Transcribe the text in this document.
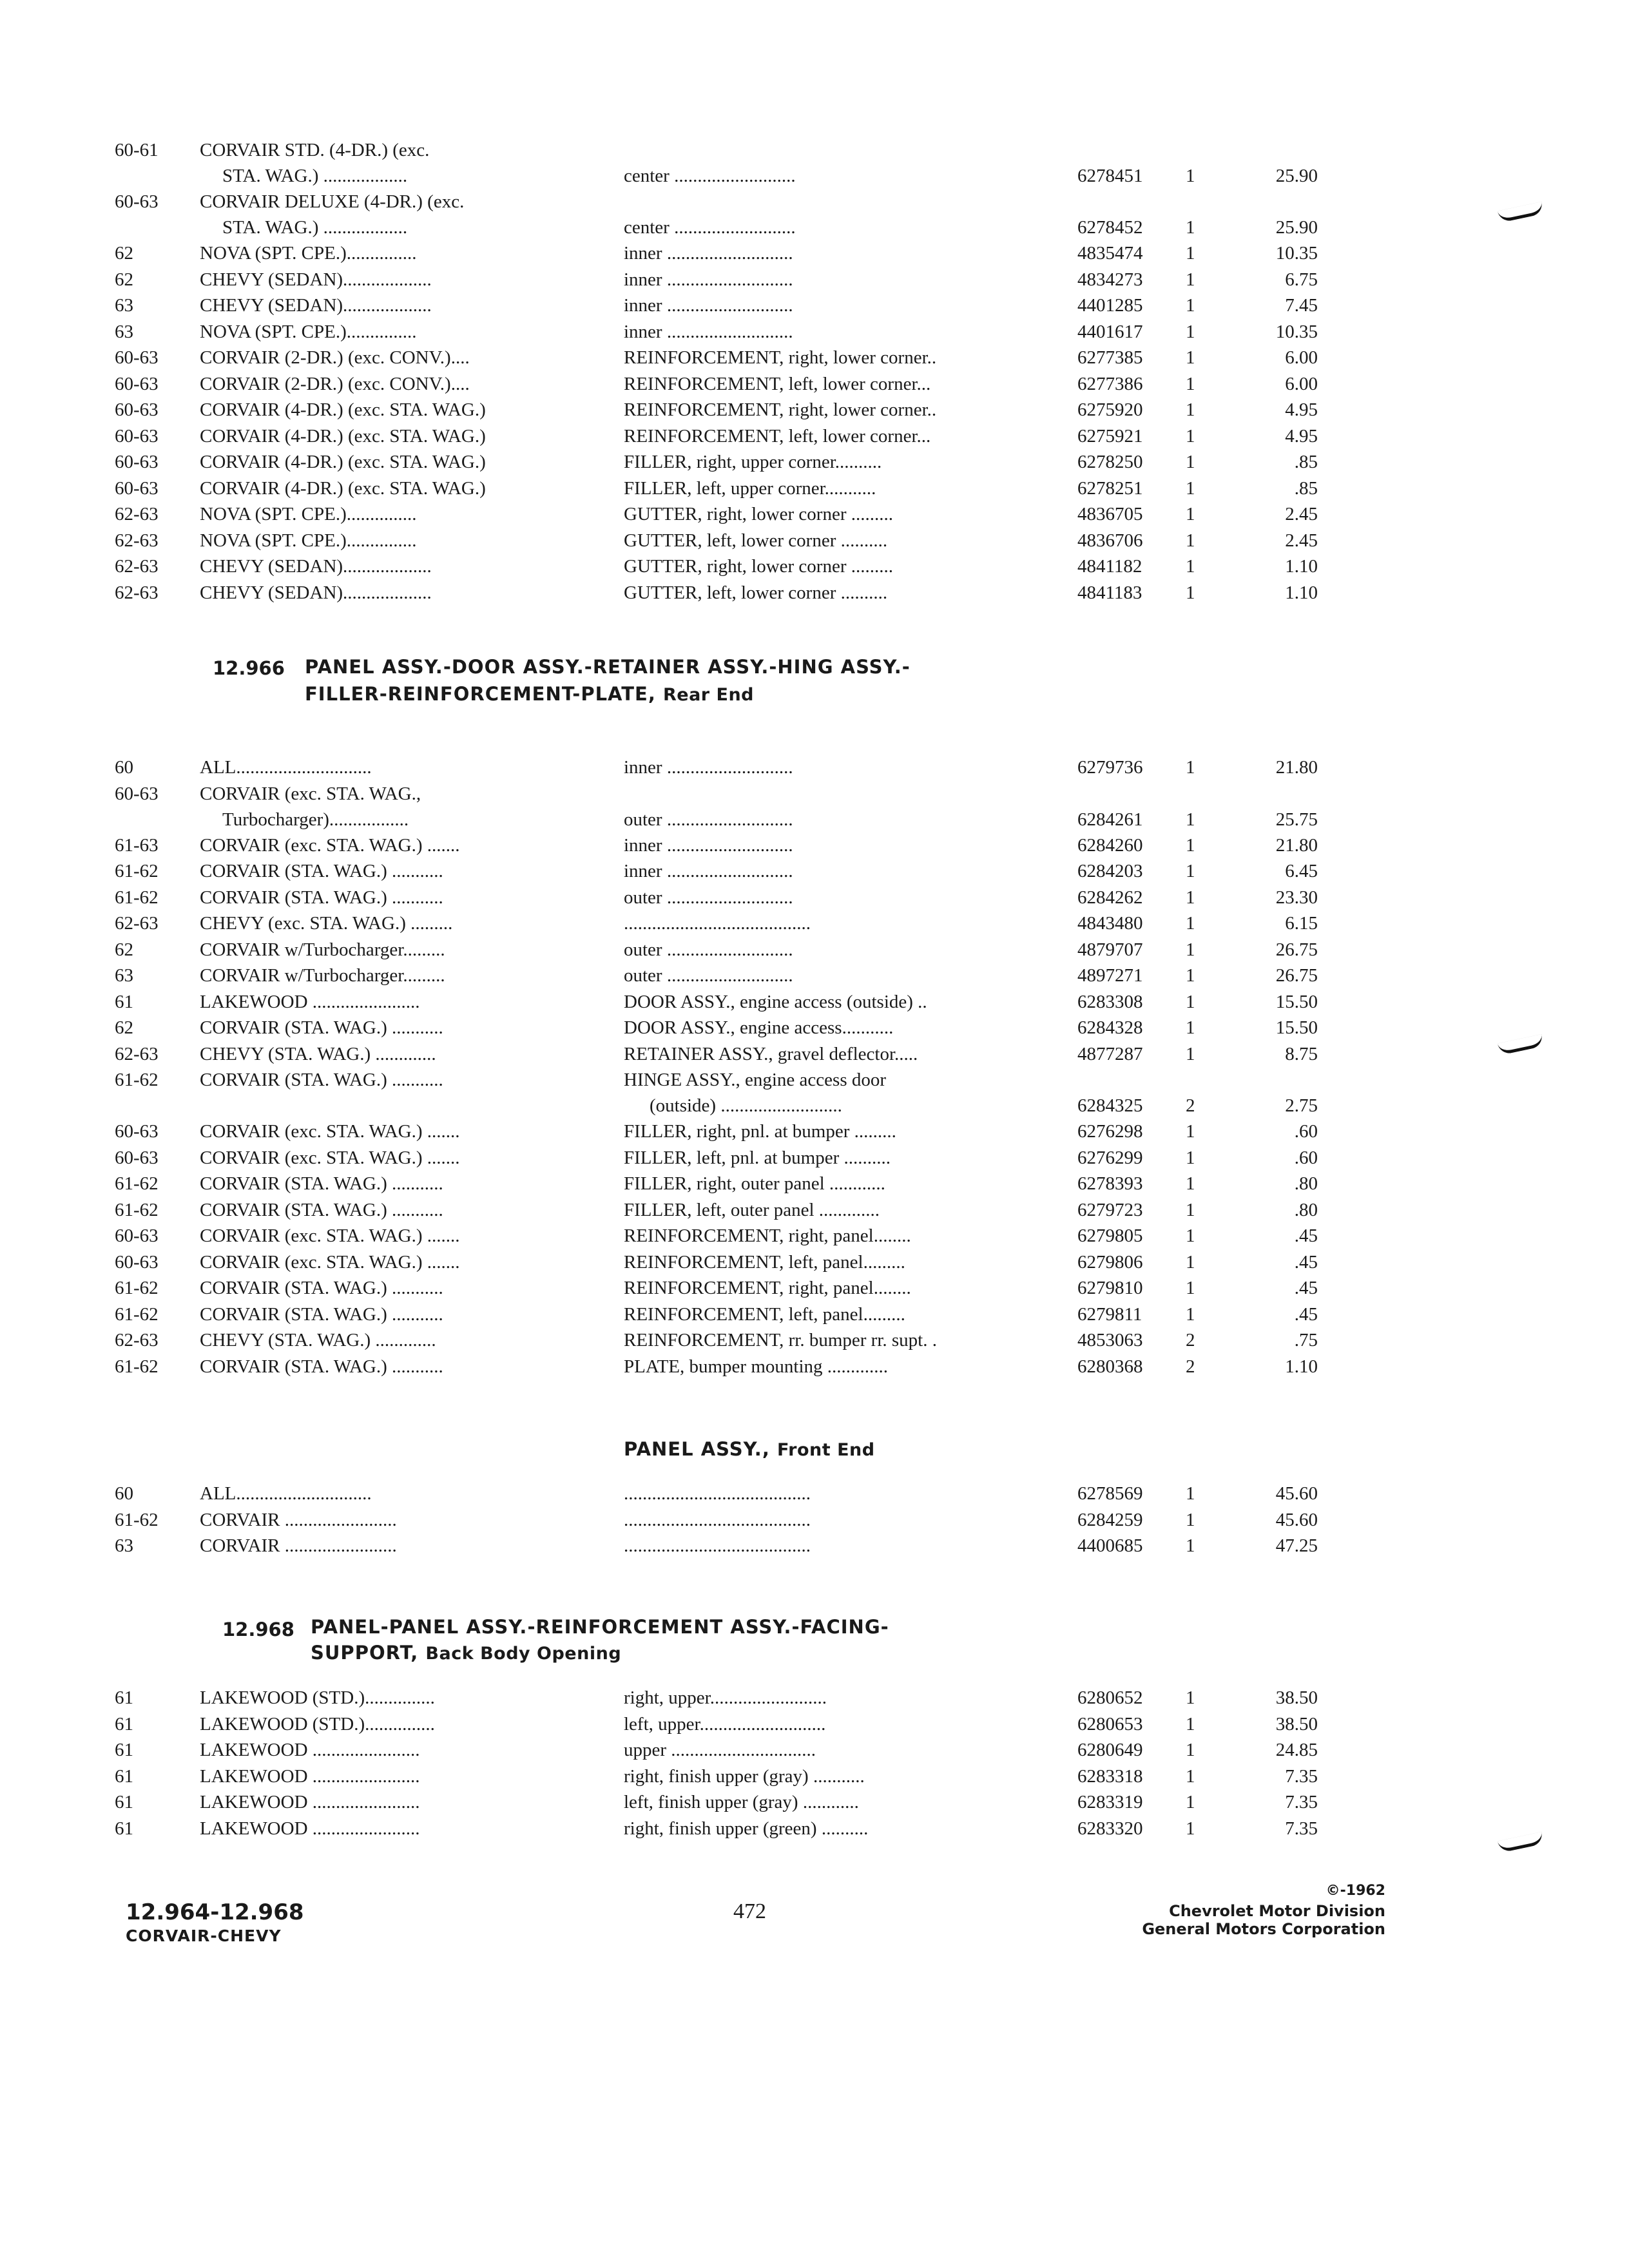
60-61	CORVAIR STD. (4-DR.) (exc.
STA. WAG.) ..................	center ..........................	6278451	1	25.90
60-63	CORVAIR DELUXE (4-DR.) (exc.
STA. WAG.) ..................	center ..........................	6278452	1	25.90
62	NOVA (SPT. CPE.)...............	inner ...........................	4835474	1	10.35
62	CHEVY (SEDAN)...................	inner ...........................	4834273	1	6.75
63	CHEVY (SEDAN)...................	inner ...........................	4401285	1	7.45
63	NOVA (SPT. CPE.)...............	inner ...........................	4401617	1	10.35
60-63	CORVAIR (2-DR.) (exc. CONV.)....	REINFORCEMENT, right, lower corner..	6277385	1	6.00
60-63	CORVAIR (2-DR.) (exc. CONV.)....	REINFORCEMENT, left, lower corner...	6277386	1	6.00
60-63	CORVAIR (4-DR.) (exc. STA. WAG.)	REINFORCEMENT, right, lower corner..	6275920	1	4.95
60-63	CORVAIR (4-DR.) (exc. STA. WAG.)	REINFORCEMENT, left, lower corner...	6275921	1	4.95
60-63	CORVAIR (4-DR.) (exc. STA. WAG.)	FILLER, right, upper corner..........	6278250	1	.85
60-63	CORVAIR (4-DR.) (exc. STA. WAG.)	FILLER, left, upper corner...........	6278251	1	.85
62-63	NOVA (SPT. CPE.)...............	GUTTER, right, lower corner .........	4836705	1	2.45
62-63	NOVA (SPT. CPE.)...............	GUTTER, left, lower corner ..........	4836706	1	2.45
62-63	CHEVY (SEDAN)...................	GUTTER, right, lower corner .........	4841182	1	1.10
62-63	CHEVY (SEDAN)...................	GUTTER, left, lower corner ..........	4841183	1	1.10
12.966 PANEL ASSY.-DOOR ASSY.-RETAINER ASSY.-HING ASSY.-
FILLER-REINFORCEMENT-PLATE, Rear End
60	ALL.............................	inner ...........................	6279736	1	21.80
60-63	CORVAIR (exc. STA. WAG.,
Turbocharger).................	outer ...........................	6284261	1	25.75
61-63	CORVAIR (exc. STA. WAG.) .......	inner ...........................	6284260	1	21.80
61-62	CORVAIR (STA. WAG.) ...........	inner ...........................	6284203	1	6.45
61-62	CORVAIR (STA. WAG.) ...........	outer ...........................	6284262	1	23.30
62-63	CHEVY (exc. STA. WAG.) .........	........................................	4843480	1	6.15
62	CORVAIR w/Turbocharger.........	outer ...........................	4879707	1	26.75
63	CORVAIR w/Turbocharger.........	outer ...........................	4897271	1	26.75
61	LAKEWOOD .......................	DOOR ASSY., engine access (outside) ..	6283308	1	15.50
62	CORVAIR (STA. WAG.) ...........	DOOR ASSY., engine access...........	6284328	1	15.50
62-63	CHEVY (STA. WAG.) .............	RETAINER ASSY., gravel deflector.....	4877287	1	8.75
61-62	CORVAIR (STA. WAG.) ...........	HINGE ASSY., engine access door
(outside) ..........................	6284325	2	2.75
60-63	CORVAIR (exc. STA. WAG.) .......	FILLER, right, pnl. at bumper .........	6276298	1	.60
60-63	CORVAIR (exc. STA. WAG.) .......	FILLER, left, pnl. at bumper ..........	6276299	1	.60
61-62	CORVAIR (STA. WAG.) ...........	FILLER, right, outer panel ............	6278393	1	.80
61-62	CORVAIR (STA. WAG.) ...........	FILLER, left, outer panel .............	6279723	1	.80
60-63	CORVAIR (exc. STA. WAG.) .......	REINFORCEMENT, right, panel........	6279805	1	.45
60-63	CORVAIR (exc. STA. WAG.) .......	REINFORCEMENT, left, panel.........	6279806	1	.45
61-62	CORVAIR (STA. WAG.) ...........	REINFORCEMENT, right, panel........	6279810	1	.45
61-62	CORVAIR (STA. WAG.) ...........	REINFORCEMENT, left, panel.........	6279811	1	.45
62-63	CHEVY (STA. WAG.) .............	REINFORCEMENT, rr. bumper rr. supt. .	4853063	2	.75
61-62	CORVAIR (STA. WAG.) ...........	PLATE, bumper mounting .............	6280368	2	1.10
PANEL ASSY., Front End
60	ALL.............................	........................................	6278569	1	45.60
61-62	CORVAIR ........................	........................................	6284259	1	45.60
63	CORVAIR ........................	........................................	4400685	1	47.25
12.968 PANEL-PANEL ASSY.-REINFORCEMENT ASSY.-FACING-
SUPPORT, Back Body Opening
61	LAKEWOOD (STD.)...............	right, upper.........................	6280652	1	38.50
61	LAKEWOOD (STD.)...............	left, upper...........................	6280653	1	38.50
61	LAKEWOOD .......................	upper ...............................	6280649	1	24.85
61	LAKEWOOD .......................	right, finish upper (gray) ...........	6283318	1	7.35
61	LAKEWOOD .......................	left, finish upper (gray) ............	6283319	1	7.35
61	LAKEWOOD .......................	right, finish upper (green) ..........	6283320	1	7.35
12.964-12.968
CORVAIR-CHEVY
472
©-1962
Chevrolet Motor Division
General Motors Corporation
